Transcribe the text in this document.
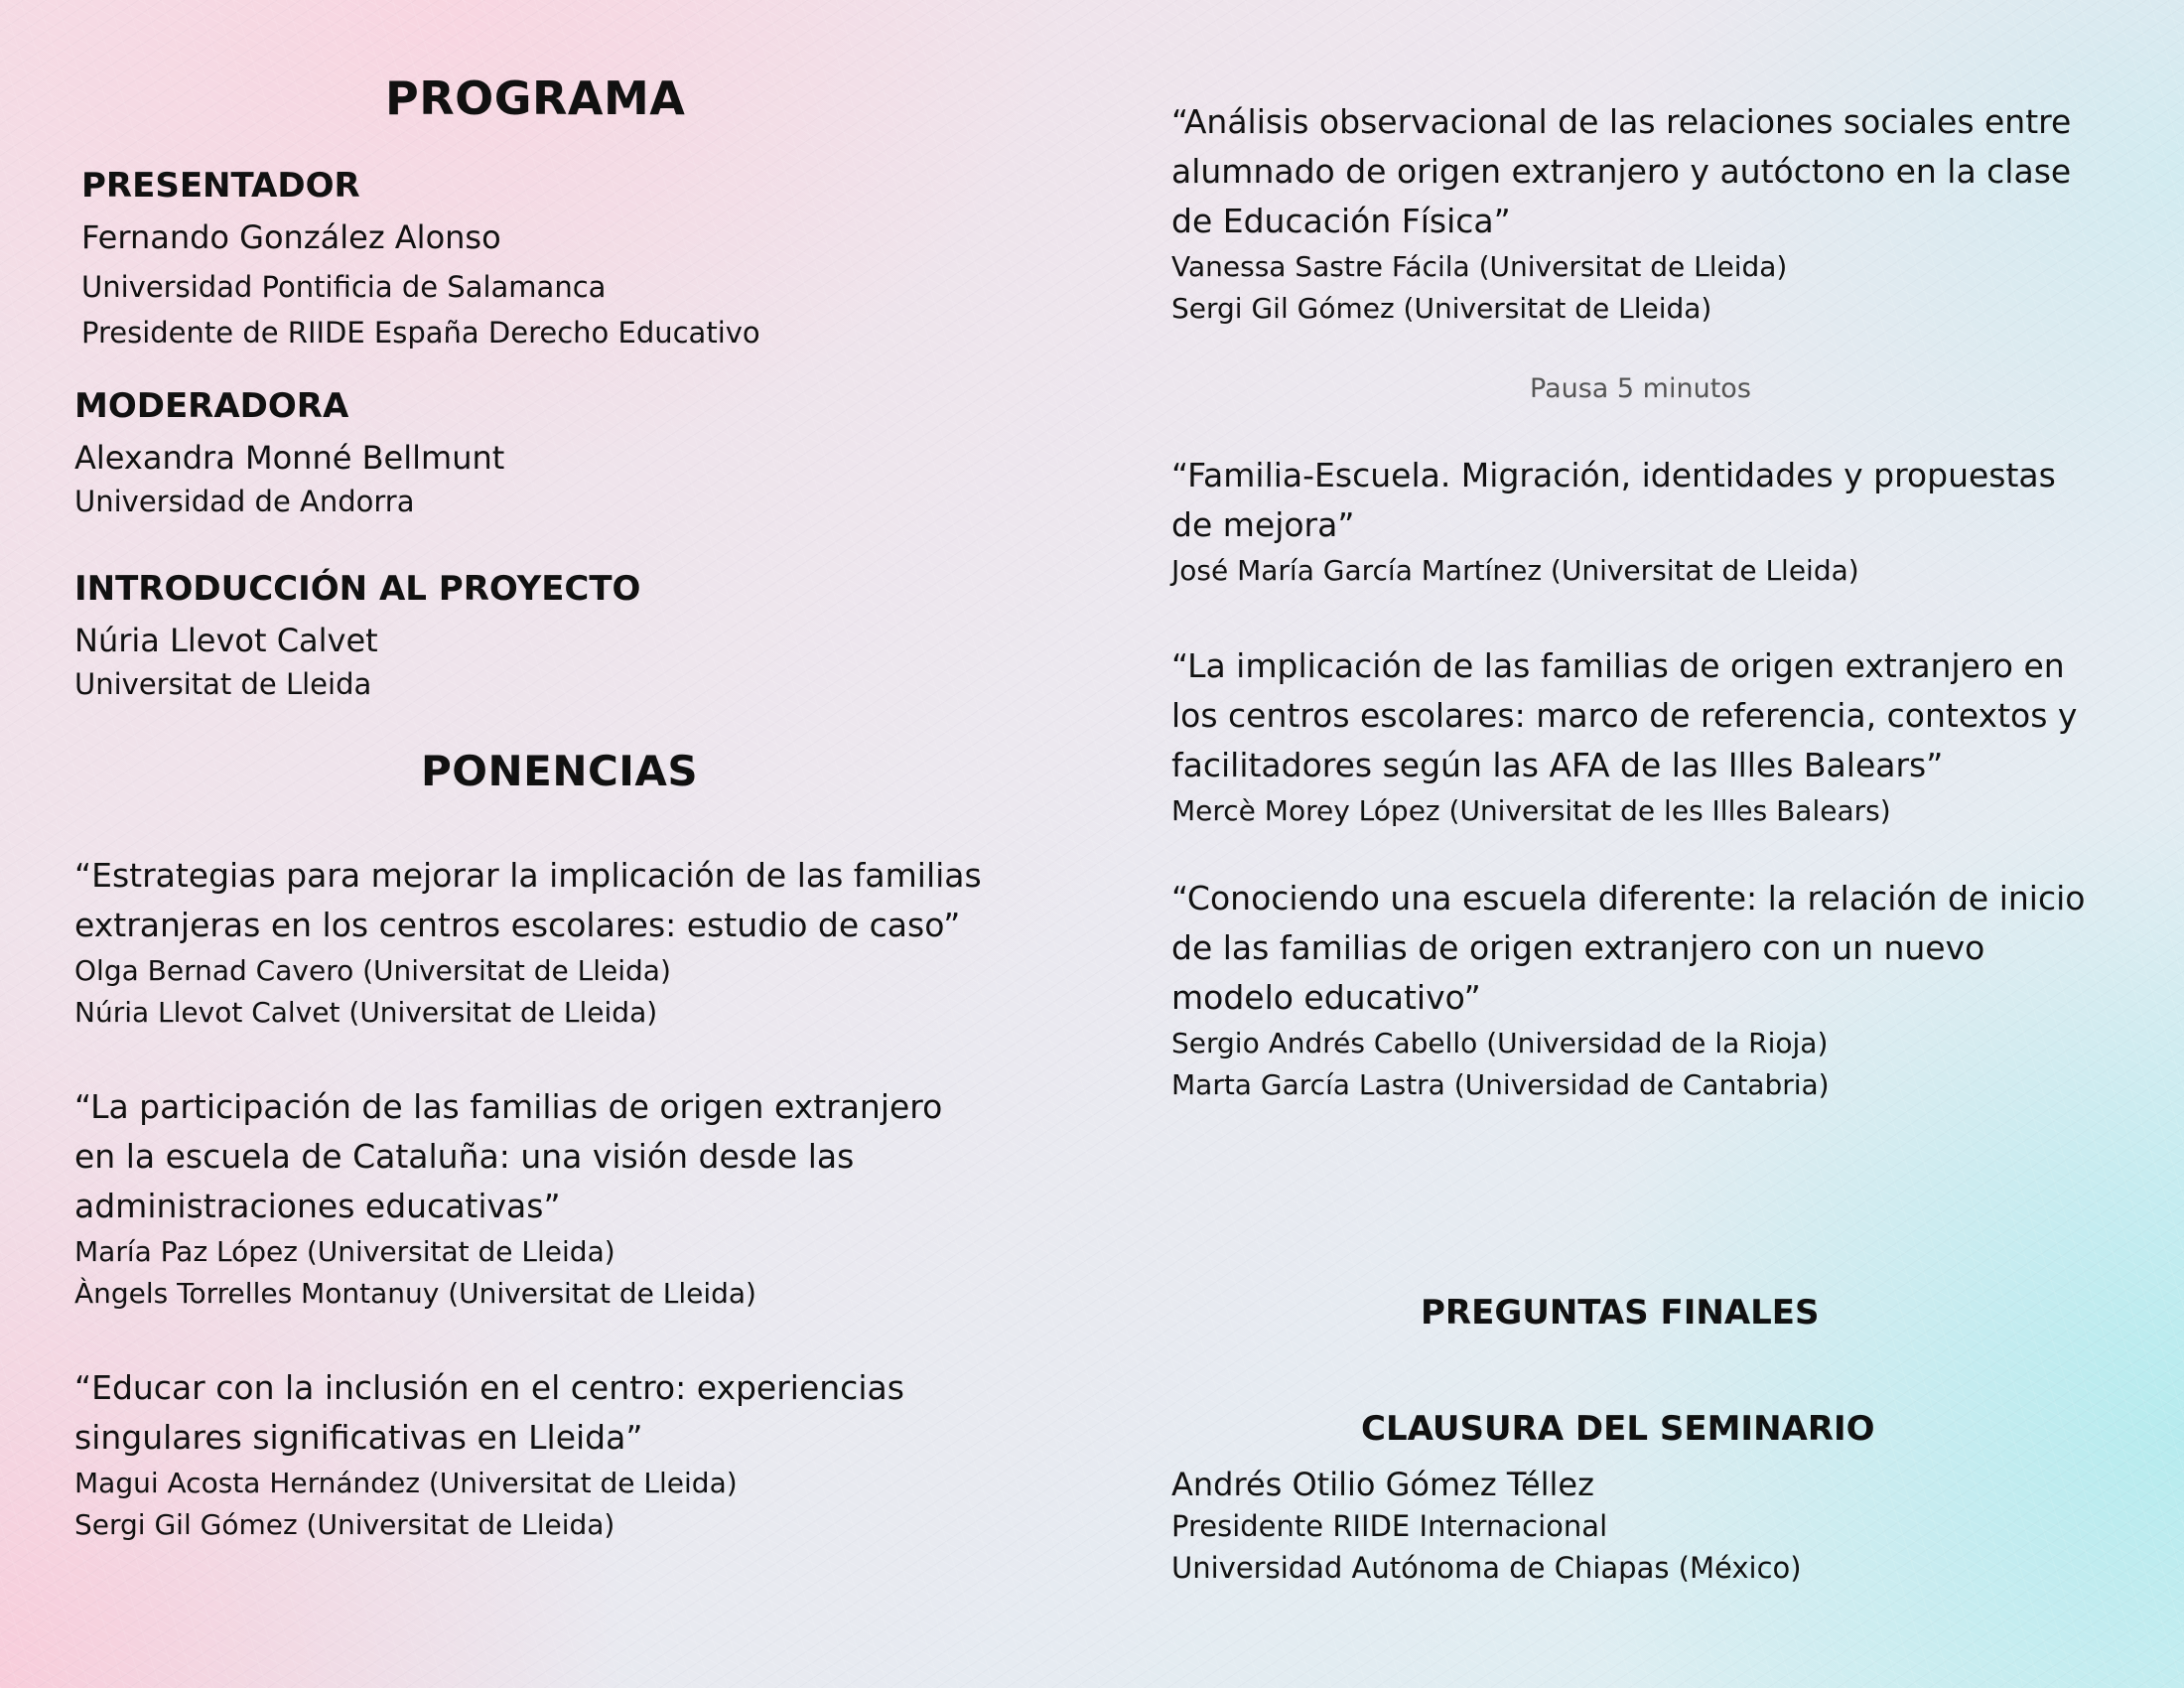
PROGRAMA
PRESENTADOR
Fernando González Alonso
Universidad Pontificia de Salamanca
Presidente de RIIDE España Derecho Educativo
MODERADORA
Alexandra Monné Bellmunt
Universidad de Andorra
INTRODUCCIÓN AL PROYECTO
Núria Llevot Calvet
Universitat de Lleida
PONENCIAS
“Estrategias para mejorar la implicación de las familias
extranjeras en los centros escolares: estudio de caso”
Olga Bernad Cavero (Universitat de Lleida)
Núria Llevot Calvet (Universitat de Lleida)
“La participación de las familias de origen extranjero
en la escuela de Cataluña: una visión desde las
administraciones educativas”
María Paz López (Universitat de Lleida)
Àngels Torrelles Montanuy (Universitat de Lleida)
“Educar con la inclusión en el centro: experiencias
singulares significativas en Lleida”
Magui Acosta Hernández (Universitat de Lleida)
Sergi Gil Gómez (Universitat de Lleida)
“Análisis observacional de las relaciones sociales entre
alumnado de origen extranjero y autóctono en la clase
de Educación Física”
Vanessa Sastre Fácila (Universitat de Lleida)
Sergi Gil Gómez (Universitat de Lleida)
Pausa 5 minutos
“Familia-Escuela. Migración, identidades y propuestas
de mejora”
José María García Martínez (Universitat de Lleida)
“La implicación de las familias de origen extranjero en
los centros escolares: marco de referencia, contextos y
facilitadores según las AFA de las Illes Balears”
Mercè Morey López (Universitat de les Illes Balears)
“Conociendo una escuela diferente: la relación de inicio
de las familias de origen extranjero con un nuevo
modelo educativo”
Sergio Andrés Cabello (Universidad de la Rioja)
Marta García Lastra (Universidad de Cantabria)
PREGUNTAS FINALES
CLAUSURA DEL SEMINARIO
Andrés Otilio Gómez Téllez
Presidente RIIDE Internacional
Universidad Autónoma de Chiapas (México)
